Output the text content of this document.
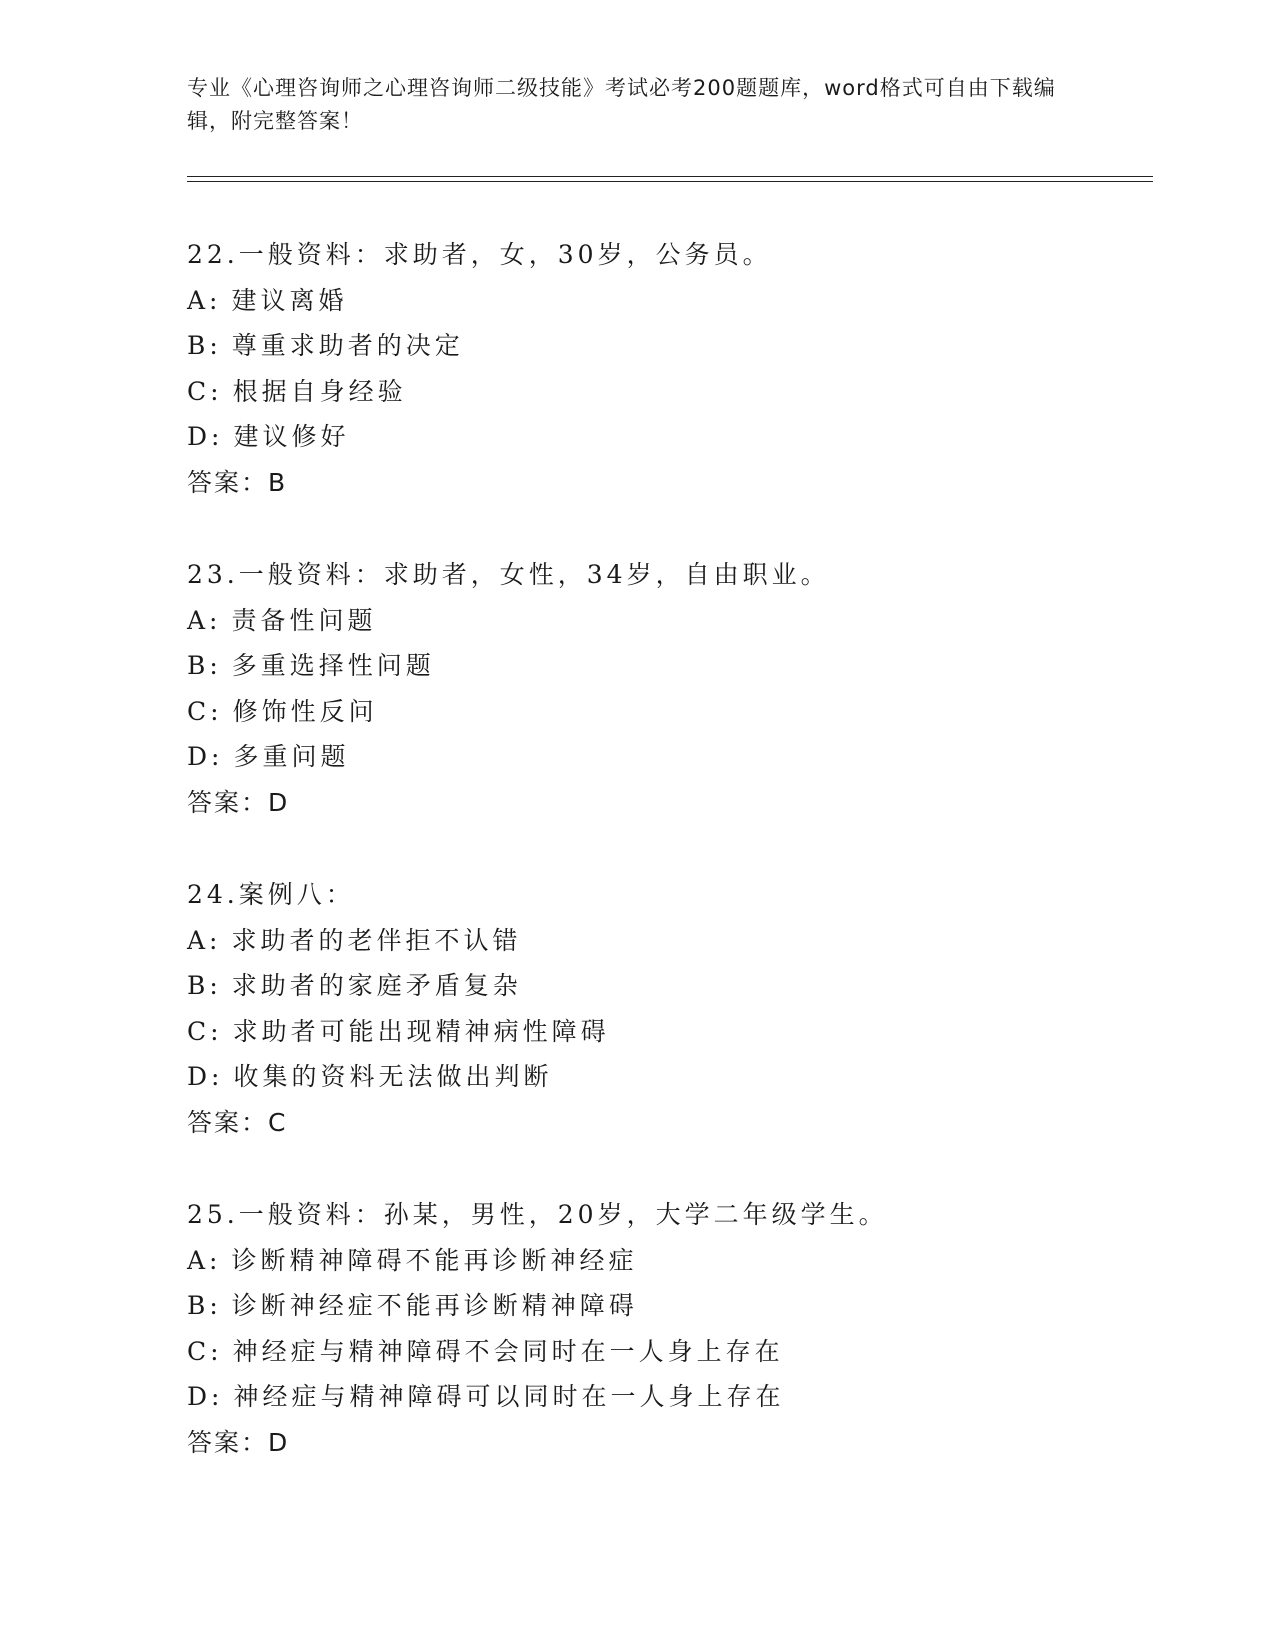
专业《心理咨询师之心理咨询师二级技能》考试必考200题题库，word格式可自由下载编辑，附完整答案！

22.一般资料：求助者，女，30岁，公务员。
A: 建议离婚
B: 尊重求助者的决定
C: 根据自身经验
D: 建议修好
答案：B
23.一般资料：求助者，女性，34岁，自由职业。
A: 责备性问题
B: 多重选择性问题
C: 修饰性反问
D: 多重问题
答案：D
24.案例八：
A: 求助者的老伴拒不认错
B: 求助者的家庭矛盾复杂
C: 求助者可能出现精神病性障碍
D: 收集的资料无法做出判断
答案：C
25.一般资料：孙某，男性，20岁，大学二年级学生。
A: 诊断精神障碍不能再诊断神经症
B: 诊断神经症不能再诊断精神障碍
C: 神经症与精神障碍不会同时在一人身上存在
D: 神经症与精神障碍可以同时在一人身上存在
答案：D
